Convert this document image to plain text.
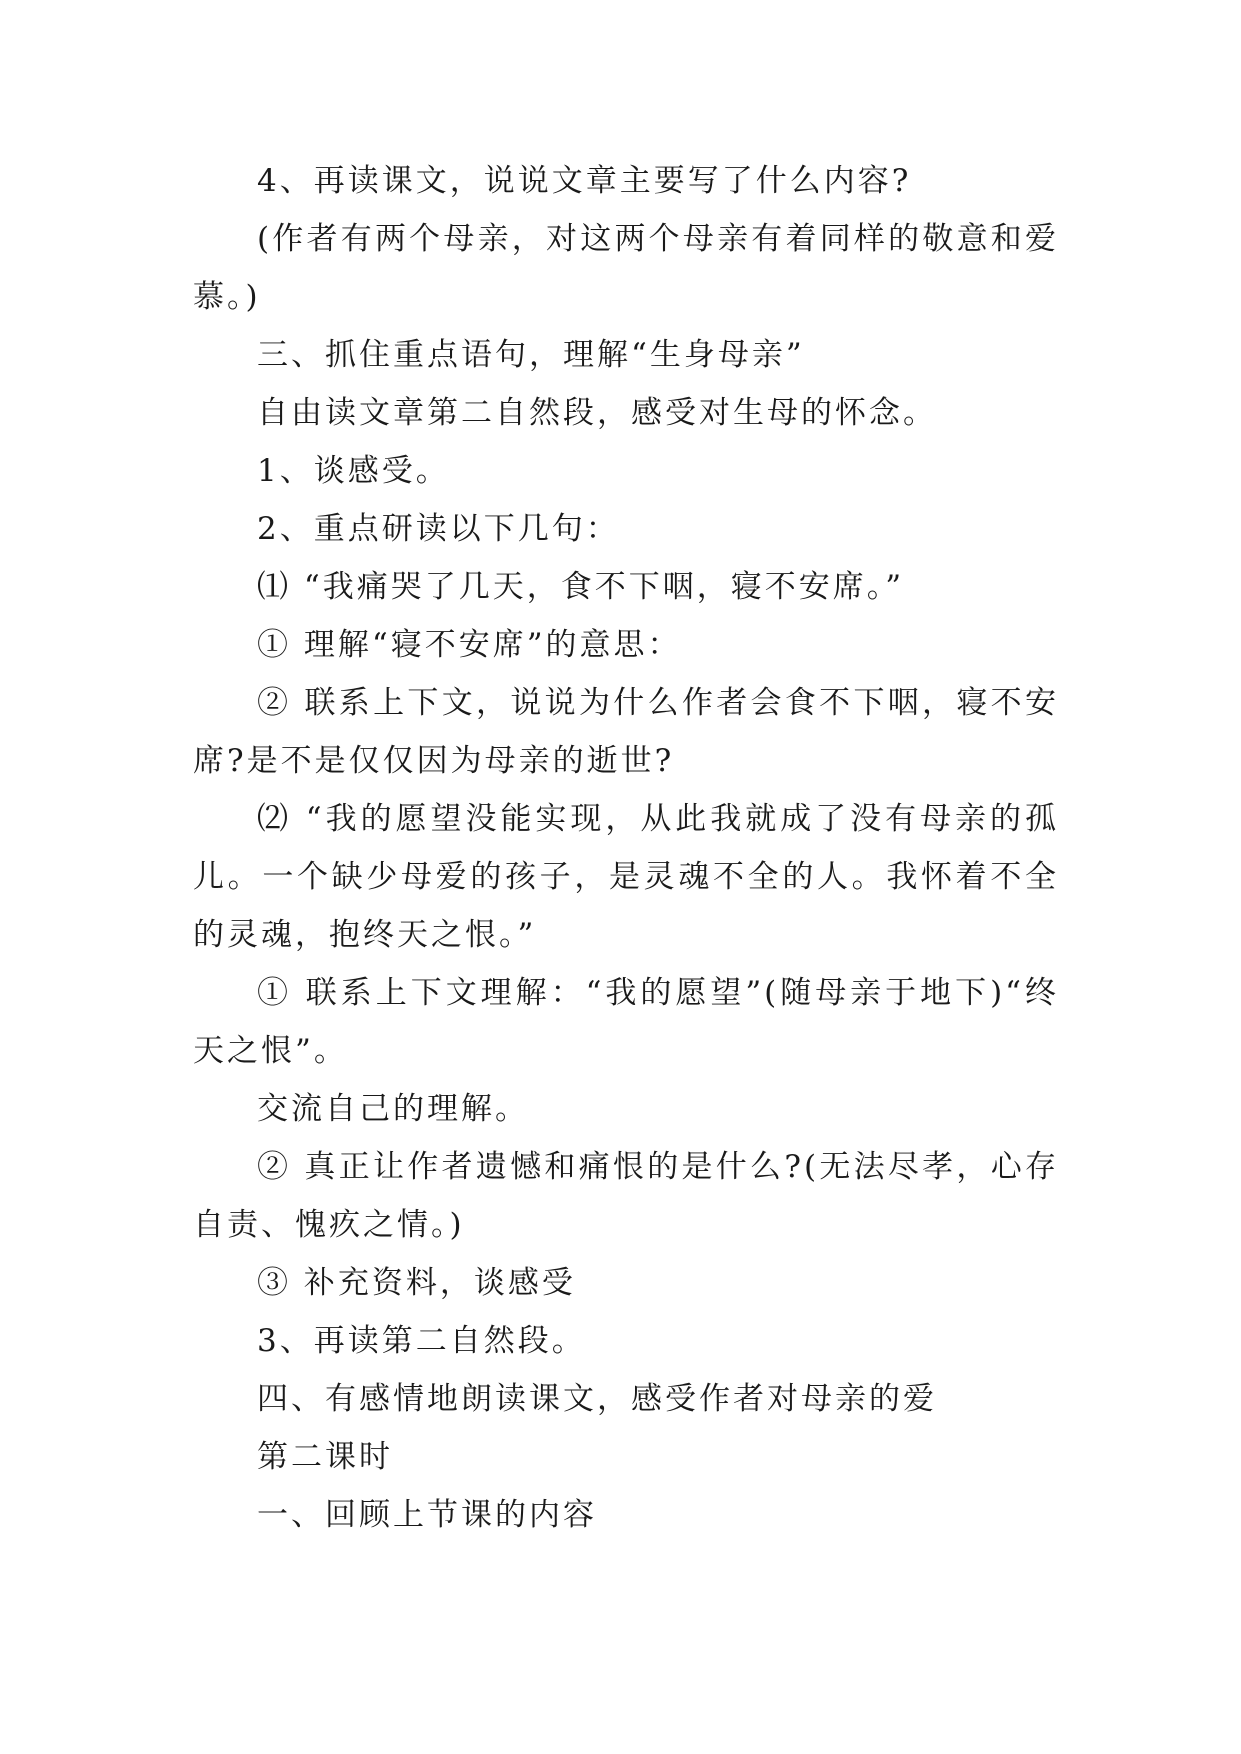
4、再读课文，说说文章主要写了什么内容?

(作者有两个母亲，对这两个母亲有着同样的敬意和爱慕。)

三、抓住重点语句，理解“生身母亲”

自由读文章第二自然段，感受对生母的怀念。

1、谈感受。

2、重点研读以下几句：

⑴ “我痛哭了几天，食不下咽，寝不安席。”

① 理解“寝不安席”的意思：

② 联系上下文，说说为什么作者会食不下咽，寝不安席?是不是仅仅因为母亲的逝世?

⑵ “我的愿望没能实现，从此我就成了没有母亲的孤儿。一个缺少母爱的孩子，是灵魂不全的人。我怀着不全的灵魂，抱终天之恨。”

① 联系上下文理解：“我的愿望”(随母亲于地下)“终天之恨”。

交流自己的理解。

② 真正让作者遗憾和痛恨的是什么?(无法尽孝，心存自责、愧疚之情。)

③ 补充资料，谈感受

3、再读第二自然段。

四、有感情地朗读课文，感受作者对母亲的爱

第二课时

一、回顾上节课的内容
